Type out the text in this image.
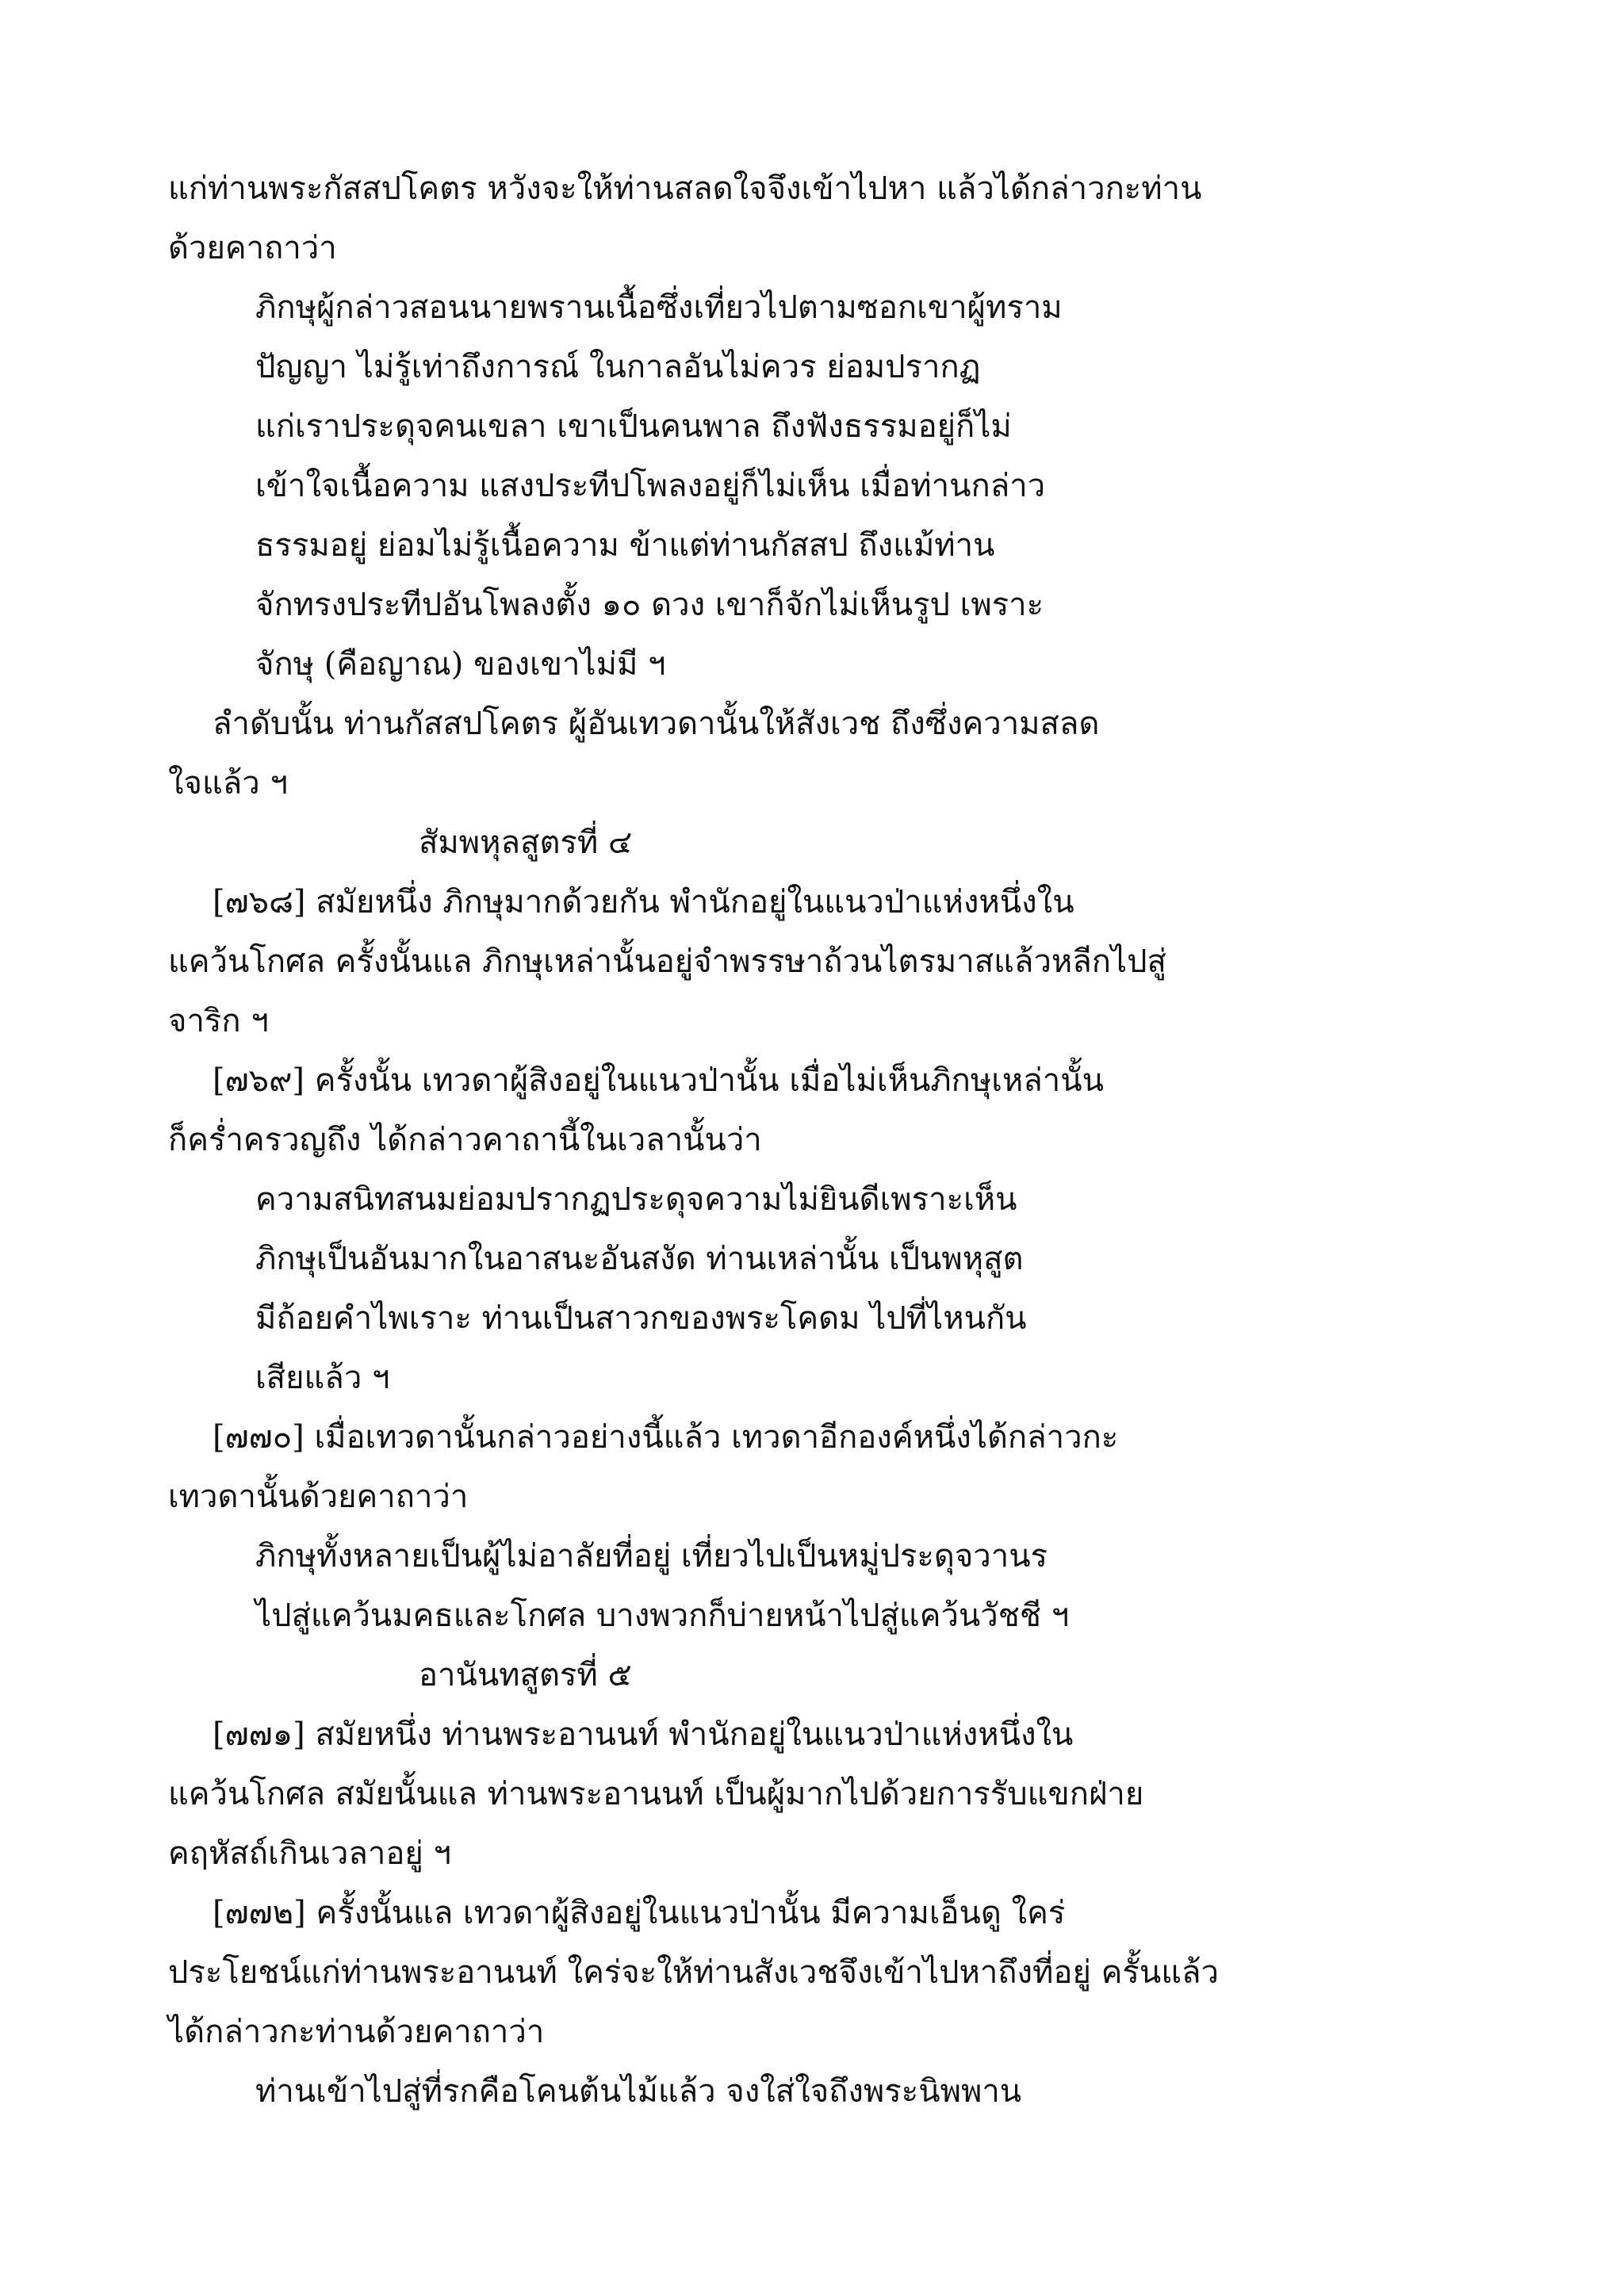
แก่ท่านพระกัสสปโคตร หวังจะให้ท่านสลดใจจึงเข้าไปหา แล้วได้กล่าวกะท่าน
ด้วยคาถาว่า
ภิกษุผู้กล่าวสอนนายพรานเนื้อซึ่งเที่ยวไปตามซอกเขาผู้ทราม
ปัญญา ไม่รู้เท่าถึงการณ์ ในกาลอันไม่ควร ย่อมปรากฏ
แก่เราประดุจคนเขลา เขาเป็นคนพาล ถึงฟังธรรมอยู่ก็ไม่
เข้าใจเนื้อความ แสงประทีปโพลงอยู่ก็ไม่เห็น เมื่อท่านกล่าว
ธรรมอยู่ ย่อมไม่รู้เนื้อความ ข้าแต่ท่านกัสสป ถึงแม้ท่าน
จักทรงประทีปอันโพลงตั้ง ๑๐ ดวง เขาก็จักไม่เห็นรูป เพราะ
จักษุ (คือญาณ) ของเขาไม่มี ฯ
ลำดับนั้น ท่านกัสสปโคตร ผู้อันเทวดานั้นให้สังเวช ถึงซึ่งความสลด
ใจแล้ว ฯ
สัมพหุลสูตรที่ ๔
[๗๖๘] สมัยหนึ่ง ภิกษุมากด้วยกัน พำนักอยู่ในแนวป่าแห่งหนึ่งใน
แคว้นโกศล ครั้งนั้นแล ภิกษุเหล่านั้นอยู่จำพรรษาถ้วนไตรมาสแล้วหลีกไปสู่
จาริก ฯ
[๗๖๙] ครั้งนั้น เทวดาผู้สิงอยู่ในแนวป่านั้น เมื่อไม่เห็นภิกษุเหล่านั้น
ก็คร่ำครวญถึง ได้กล่าวคาถานี้ในเวลานั้นว่า
ความสนิทสนมย่อมปรากฏประดุจความไม่ยินดีเพราะเห็น
ภิกษุเป็นอันมากในอาสนะอันสงัด ท่านเหล่านั้น เป็นพหุสูต
มีถ้อยคำไพเราะ ท่านเป็นสาวกของพระโคดม ไปที่ไหนกัน
เสียแล้ว ฯ
[๗๗๐] เมื่อเทวดานั้นกล่าวอย่างนี้แล้ว เทวดาอีกองค์หนึ่งได้กล่าวกะ
เทวดานั้นด้วยคาถาว่า
ภิกษุทั้งหลายเป็นผู้ไม่อาลัยที่อยู่ เที่ยวไปเป็นหมู่ประดุจวานร
ไปสู่แคว้นมคธและโกศล บางพวกก็บ่ายหน้าไปสู่แคว้นวัชชี ฯ
อานันทสูตรที่ ๕
[๗๗๑] สมัยหนึ่ง ท่านพระอานนท์ พำนักอยู่ในแนวป่าแห่งหนึ่งใน
แคว้นโกศล สมัยนั้นแล ท่านพระอานนท์ เป็นผู้มากไปด้วยการรับแขกฝ่าย
คฤหัสถ์เกินเวลาอยู่ ฯ
[๗๗๒] ครั้งนั้นแล เทวดาผู้สิงอยู่ในแนวป่านั้น มีความเอ็นดู ใคร่
ประโยชน์แก่ท่านพระอานนท์ ใคร่จะให้ท่านสังเวชจึงเข้าไปหาถึงที่อยู่ ครั้นแล้ว
ได้กล่าวกะท่านด้วยคาถาว่า
ท่านเข้าไปสู่ที่รกคือโคนต้นไม้แล้ว จงใส่ใจถึงพระนิพพาน
